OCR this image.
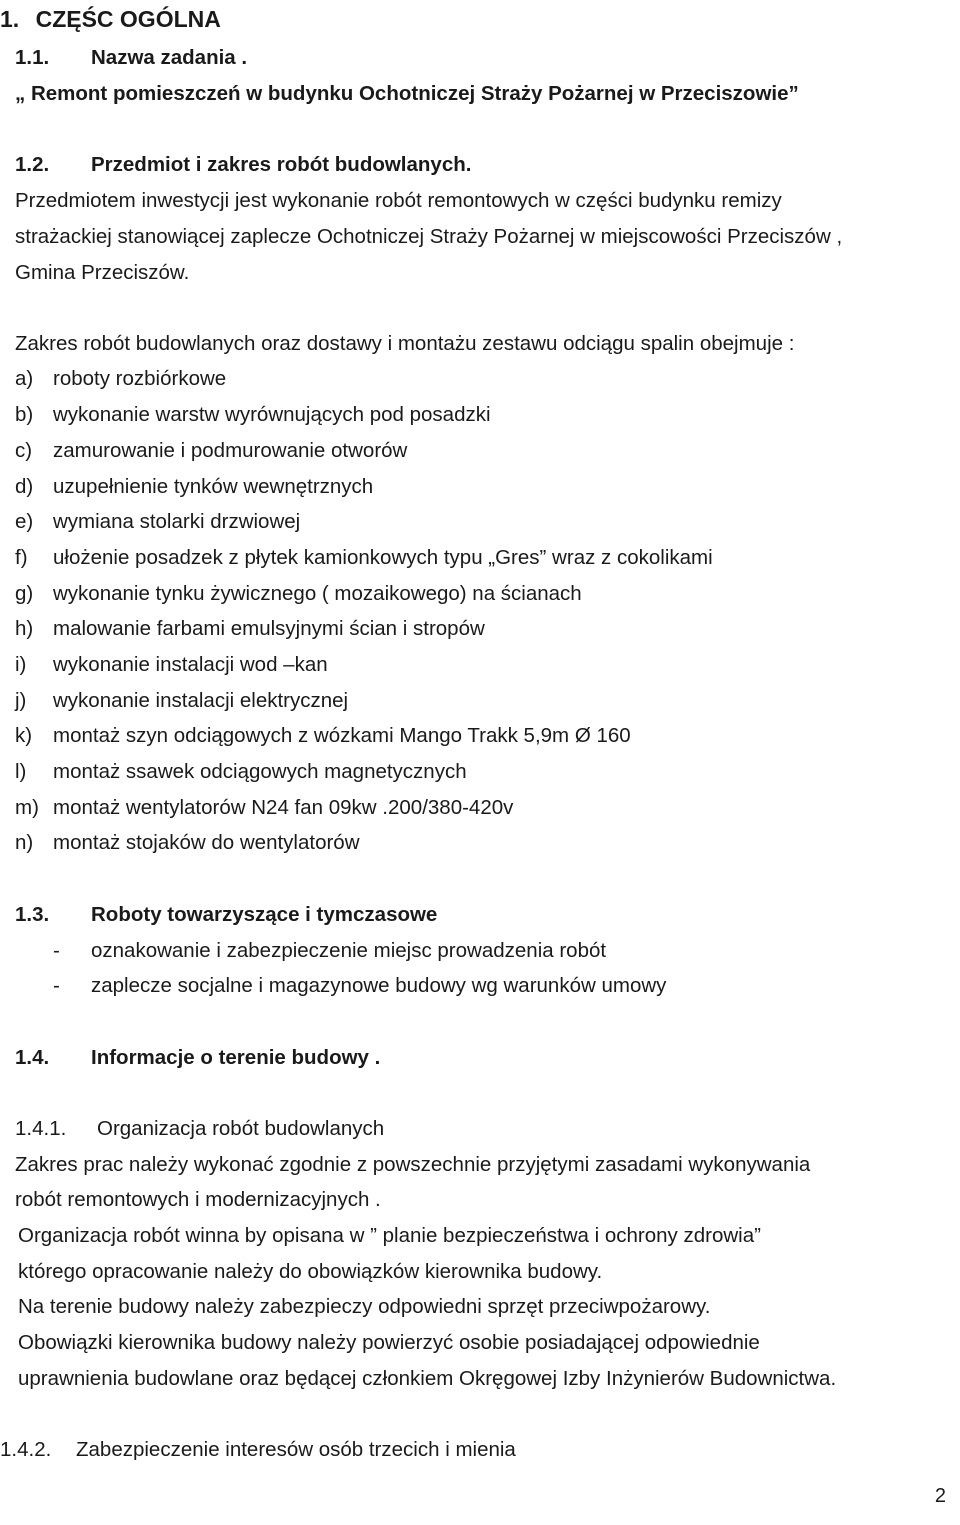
1. CZĘŚC OGÓLNA
1.1. Nazwa zadania .
„ Remont pomieszczeń w budynku Ochotniczej Straży Pożarnej w Przeciszowie”
1.2. Przedmiot i zakres robót budowlanych.
Przedmiotem inwestycji jest wykonanie robót remontowych w części budynku remizy
strażackiej stanowiącej zaplecze Ochotniczej Straży Pożarnej w miejscowości Przeciszów ,
Gmina Przeciszów.
Zakres robót budowlanych oraz dostawy i montażu zestawu odciągu spalin obejmuje :
a) roboty rozbiórkowe
b) wykonanie warstw wyrównujących pod posadzki
c) zamurowanie i podmurowanie otworów
d) uzupełnienie tynków wewnętrznych
e) wymiana stolarki drzwiowej
f) ułożenie posadzek z płytek kamionkowych typu „Gres” wraz z cokolikami
g) wykonanie tynku żywicznego ( mozaikowego) na ścianach
h) malowanie farbami emulsyjnymi ścian i stropów
i) wykonanie instalacji wod –kan
j) wykonanie instalacji elektrycznej
k) montaż szyn odciągowych z wózkami Mango Trakk 5,9m Ø 160
l) montaż ssawek odciągowych magnetycznych
m) montaż wentylatorów N24 fan 09kw .200/380-420v
n) montaż stojaków do wentylatorów
1.3. Roboty towarzyszące i tymczasowe
- oznakowanie i zabezpieczenie miejsc prowadzenia robót
- zaplecze socjalne i magazynowe budowy wg warunków umowy
1.4. Informacje o terenie budowy .
1.4.1. Organizacja robót budowlanych
Zakres prac należy wykonać zgodnie z powszechnie przyjętymi zasadami wykonywania
robót remontowych i modernizacyjnych .
Organizacja robót winna by opisana w ” planie bezpieczeństwa i ochrony zdrowia”
którego opracowanie należy do obowiązków kierownika budowy.
Na terenie budowy należy zabezpieczy odpowiedni sprzęt przeciwpożarowy.
Obowiązki kierownika budowy należy powierzyć osobie posiadającej odpowiednie
uprawnienia budowlane oraz będącej członkiem Okręgowej Izby Inżynierów Budownictwa.
1.4.2. Zabezpieczenie interesów osób trzecich i mienia
2
